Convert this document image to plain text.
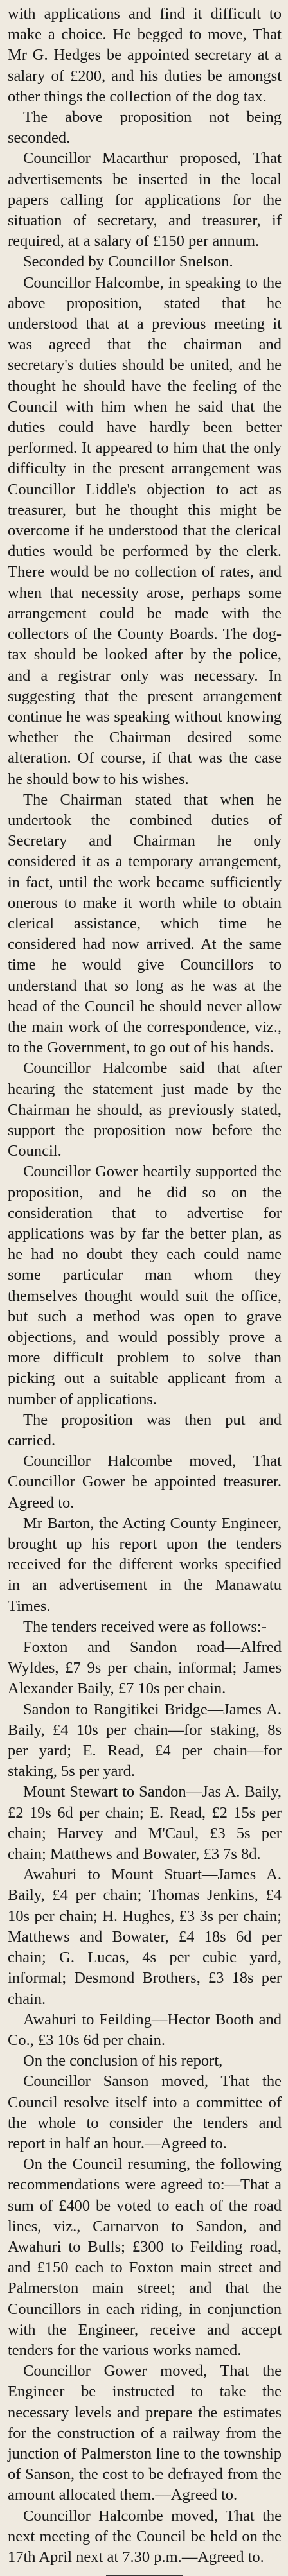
with applications and find it difficult to make a choice. He begged to move, That Mr G. Hedges be appointed secretary at a salary of £200, and his duties be amongst other things the collection of the dog tax.

The above proposition not being seconded.

Councillor Macarthur proposed, That advertisements be inserted in the local papers calling for applications for the situation of secretary, and treasurer, if required, at a salary of £150 per annum.

Seconded by Councillor Snelson.

Councillor Halcombe, in speaking to the above proposition, stated that he understood that at a previous meeting it was agreed that the chairman and secretary's duties should be united, and he thought he should have the feeling of the Council with him when he said that the duties could have hardly been better performed. It appeared to him that the only difficulty in the present arrangement was Councillor Liddle's objection to act as treasurer, but he thought this might be overcome if he understood that the clerical duties would be performed by the clerk. There would be no collection of rates, and when that necessity arose, perhaps some arrangement could be made with the collectors of the County Boards. The dog-tax should be looked after by the police, and a registrar only was necessary. In suggesting that the present arrangement continue he was speaking without knowing whether the Chairman desired some alteration. Of course, if that was the case he should bow to his wishes.

The Chairman stated that when he undertook the combined duties of Secretary and Chairman he only considered it as a temporary arrangement, in fact, until the work became sufficiently onerous to make it worth while to obtain clerical assistance, which time he considered had now arrived. At the same time he would give Councillors to understand that so long as he was at the head of the Council he should never allow the main work of the correspondence, viz., to the Government, to go out of his hands.

Councillor Halcombe said that after hearing the statement just made by the Chairman he should, as previously stated, support the proposition now before the Council.

Councillor Gower heartily supported the proposition, and he did so on the consideration that to advertise for applications was by far the better plan, as he had no doubt they each could name some particular man whom they themselves thought would suit the office, but such a method was open to grave objections, and would possibly prove a more difficult problem to solve than picking out a suitable applicant from a number of applications.

The proposition was then put and carried.

Councillor Halcombe moved, That Councillor Gower be appointed treasurer. Agreed to.

Mr Barton, the Acting County Engineer, brought up his report upon the tenders received for the different works specified in an advertisement in the Manawatu Times.

The tenders received were as follows:-

Foxton and Sandon road—Alfred Wyldes, £7 9s per chain, informal; James Alexander Baily, £7 10s per chain.

Sandon to Rangitikei Bridge—James A. Baily, £4 10s per chain—for staking, 8s per yard; E. Read, £4 per chain—for staking, 5s per yard.

Mount Stewart to Sandon—Jas A. Baily, £2 19s 6d per chain; E. Read, £2 15s per chain; Harvey and M'Caul, £3 5s per chain; Matthews and Bowater, £3 7s 8d.

Awahuri to Mount Stuart—James A. Baily, £4 per chain; Thomas Jenkins, £4 10s per chain; H. Hughes, £3 3s per chain; Matthews and Bowater, £4 18s 6d per chain; G. Lucas, 4s per cubic yard, informal; Desmond Brothers, £3 18s per chain.

Awahuri to Feilding—Hector Booth and Co., £3 10s 6d per chain.

On the conclusion of his report,

Councillor Sanson moved, That the Council resolve itself into a committee of the whole to consider the tenders and report in half an hour.—Agreed to.

On the Council resuming, the following recommendations were agreed to:—That a sum of £400 be voted to each of the road lines, viz., Carnarvon to Sandon, and Awahuri to Bulls; £300 to Feilding road, and £150 each to Foxton main street and Palmerston main street; and that the Councillors in each riding, in conjunction with the Engineer, receive and accept tenders for the various works named.

Councillor Gower moved, That the Engineer be instructed to take the necessary levels and prepare the estimates for the construction of a railway from the junction of Palmerston line to the township of Sanson, the cost to be defrayed from the amount allocated them.—Agreed to.

Councillor Halcombe moved, That the next meeting of the Council be held on the 17th April next at 7.30 p.m.—Agreed to.
